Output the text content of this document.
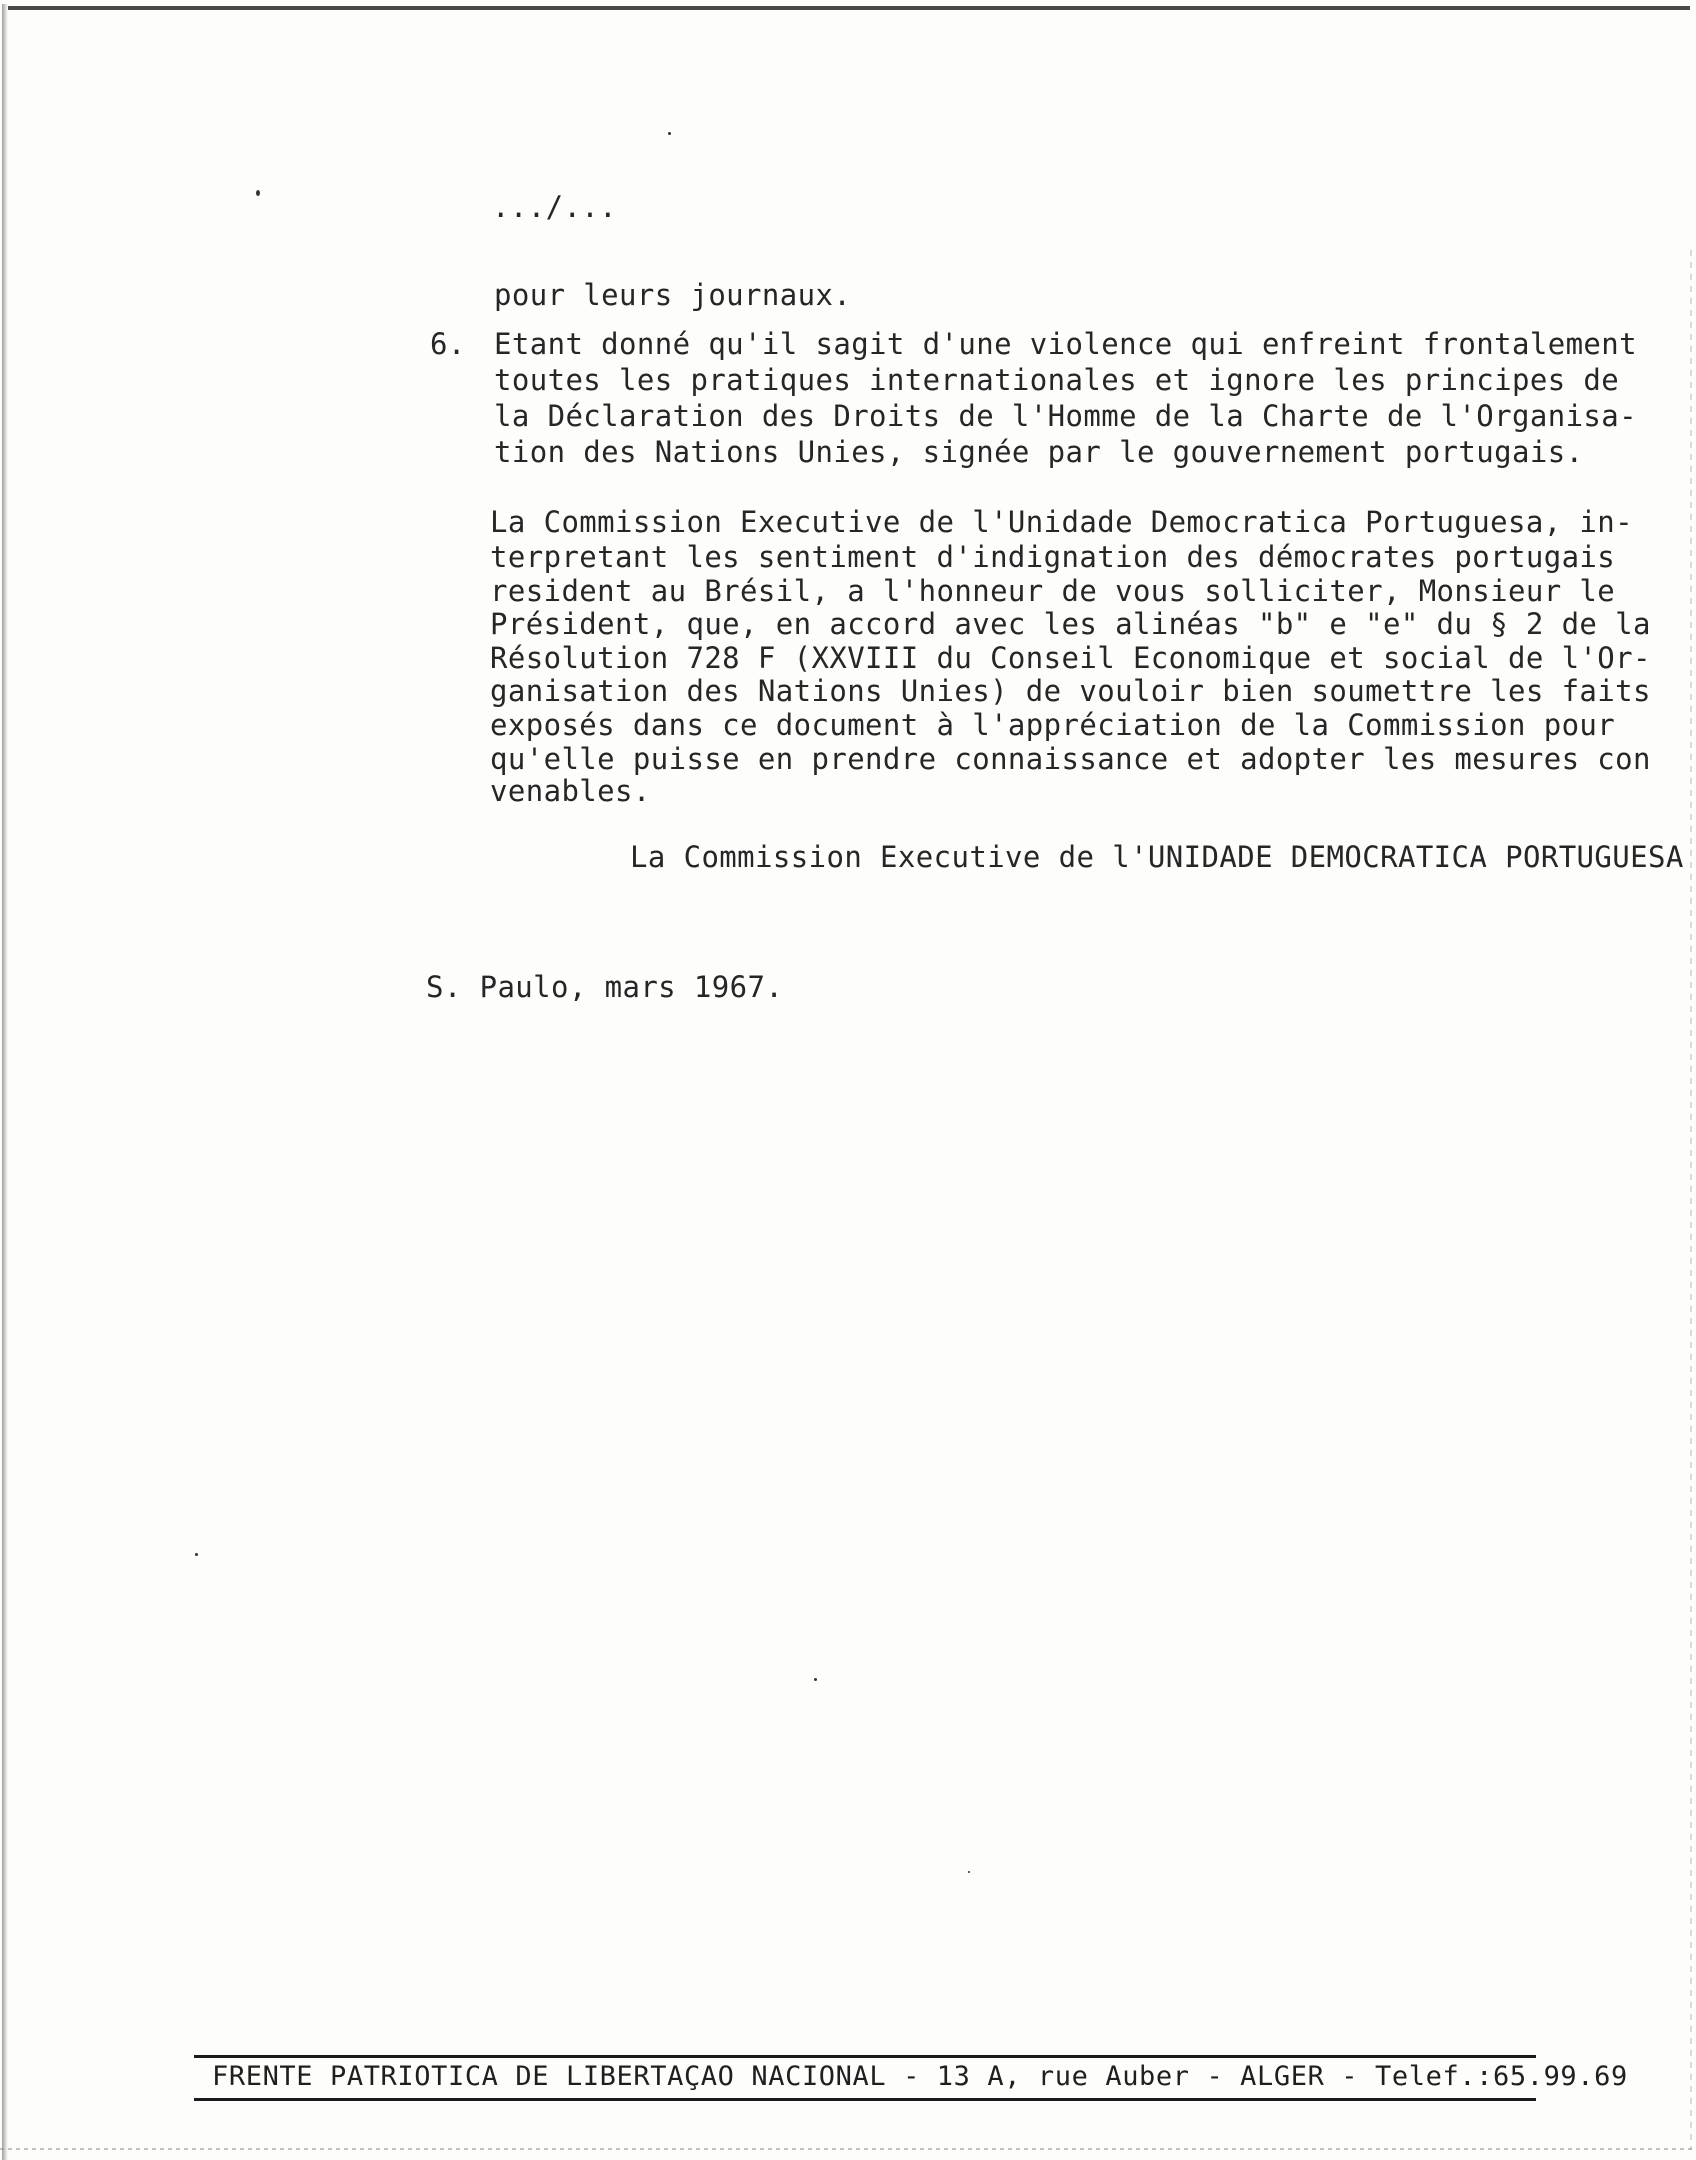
.../...
pour leurs journaux.
6. Etant donné qu'il sagit d'une violence qui enfreint frontalement
toutes les pratiques internationales et ignore les principes de
la Déclaration des Droits de l'Homme de la Charte de l'Organisa-
tion des Nations Unies, signée par le gouvernement portugais.
La Commission Executive de l'Unidade Democratica Portuguesa, in-
terpretant les sentiment d'indignation des démocrates portugais
resident au Brésil, a l'honneur de vous solliciter, Monsieur le
Président, que, en accord avec les alinéas "b" e "e" du § 2 de la
Résolution 728 F (XXVIII du Conseil Economique et social de l'Or-
ganisation des Nations Unies) de vouloir bien soumettre les faits
exposés dans ce document à l'appréciation de la Commission pour
qu'elle puisse en prendre connaissance et adopter les mesures con
venables.
La Commission Executive de l'UNIDADE DEMOCRATICA PORTUGUESA
S. Paulo, mars 1967.
FRENTE PATRIOTICA DE LIBERTAÇAO NACIONAL - 13 A, rue Auber - ALGER - Telef.:65.99.69
